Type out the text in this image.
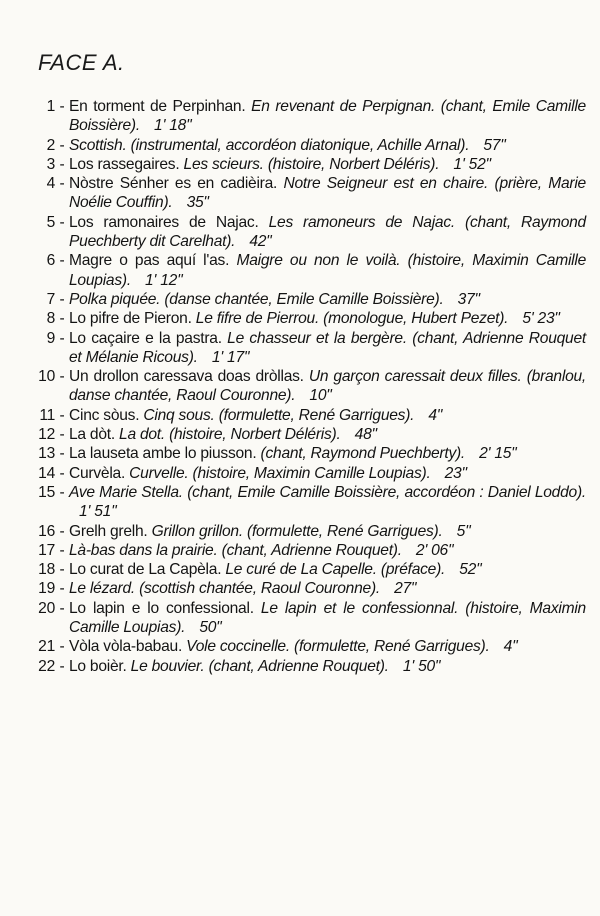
FACE A.
1 - En torment de Perpinhan. En revenant de Perpignan. (chant, Emile Camille Boissière). 1' 18"
2 - Scottish. (instrumental, accordéon diatonique, Achille Arnal). 57"
3 - Los rassegaires. Les scieurs. (histoire, Norbert Déléris). 1' 52"
4 - Nòstre Sénher es en cadièira. Notre Seigneur est en chaire. (prière, Marie Noélie Couffin). 35"
5 - Los ramonaires de Najac. Les ramoneurs de Najac. (chant, Raymond Puechberty dit Carelhat). 42"
6 - Magre o pas aquí l'as. Maigre ou non le voilà. (histoire, Maximin Camille Loupias). 1' 12"
7 - Polka piquée. (danse chantée, Emile Camille Boissière). 37"
8 - Lo pifre de Pieron. Le fifre de Pierrou. (monologue, Hubert Pezet). 5' 23"
9 - Lo caçaire e la pastra. Le chasseur et la bergère. (chant, Adrienne Rouquet et Mélanie Ricous). 1' 17"
10 - Un drollon caressava doas dròllas. Un garçon caressait deux filles. (branlou, danse chantée, Raoul Couronne). 10"
11 - Cinc sòus. Cinq sous. (formulette, René Garrigues). 4"
12 - La dòt. La dot. (histoire, Norbert Déléris). 48"
13 - La lauseta ambe lo piusson. (chant, Raymond Puechberty). 2' 15"
14 - Curvèla. Curvelle. (histoire, Maximin Camille Loupias). 23"
15 - Ave Marie Stella. (chant, Emile Camille Boissière, accordéon : Daniel Loddo). 1' 51"
16 - Grelh grelh. Grillon grillon. (formulette, René Garrigues). 5"
17 - Là-bas dans la prairie. (chant, Adrienne Rouquet). 2' 06"
18 - Lo curat de La Capèla. Le curé de La Capelle. (préface). 52"
19 - Le lézard. (scottish chantée, Raoul Couronne). 27"
20 - Lo lapin e lo confessional. Le lapin et le confessionnal. (histoire, Maximin Camille Loupias). 50"
21 - Vòla vòla-babau. Vole coccinelle. (formulette, René Garrigues). 4"
22 - Lo boièr. Le bouvier. (chant, Adrienne Rouquet). 1' 50"
